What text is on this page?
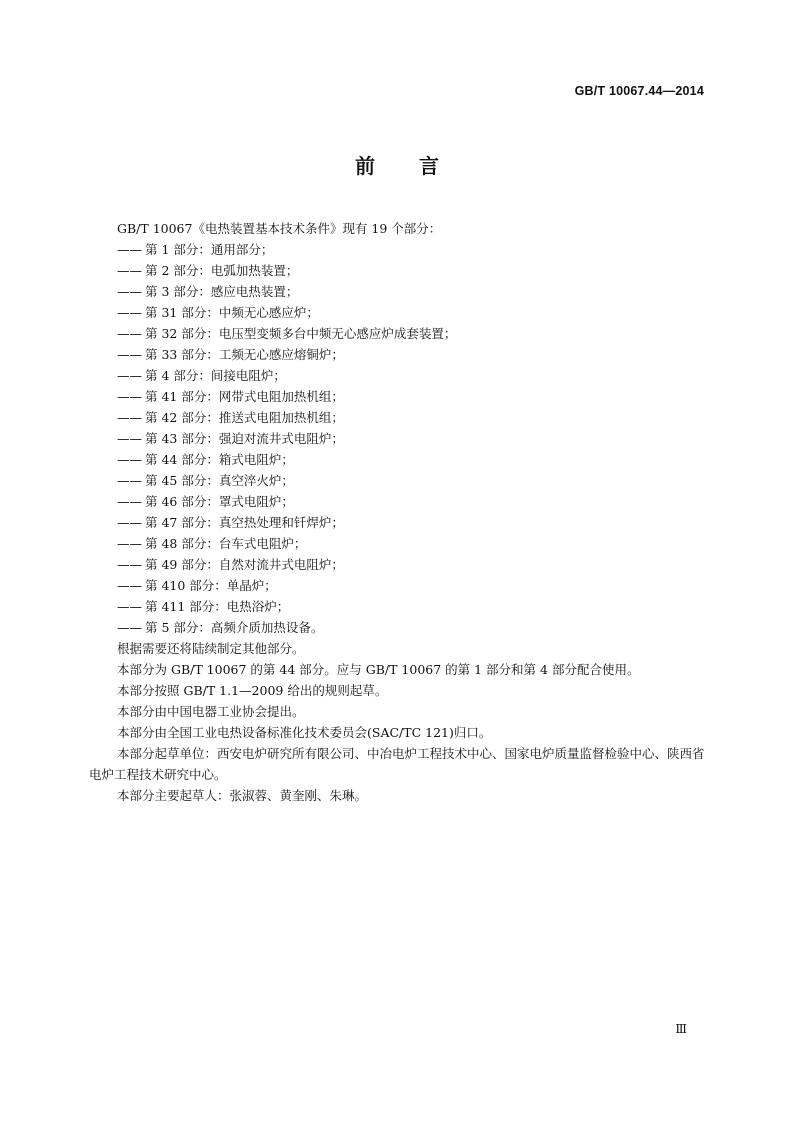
GB/T 10067.44—2014
前 言

GB/T 10067《电热装置基本技术条件》现有 19 个部分：

—— 第 1 部分：通用部分；

—— 第 2 部分：电弧加热装置；

—— 第 3 部分：感应电热装置；

—— 第 31 部分：中频无心感应炉；

—— 第 32 部分：电压型变频多台中频无心感应炉成套装置；

—— 第 33 部分：工频无心感应熔铜炉；

—— 第 4 部分：间接电阻炉；

—— 第 41 部分：网带式电阻加热机组；

—— 第 42 部分：推送式电阻加热机组；

—— 第 43 部分：强迫对流井式电阻炉；

—— 第 44 部分：箱式电阻炉；

—— 第 45 部分：真空淬火炉；

—— 第 46 部分：罩式电阻炉；

—— 第 47 部分：真空热处理和钎焊炉；

—— 第 48 部分：台车式电阻炉；

—— 第 49 部分：自然对流井式电阻炉；

—— 第 410 部分：单晶炉；

—— 第 411 部分：电热浴炉；

—— 第 5 部分：高频介质加热设备。

根据需要还将陆续制定其他部分。

本部分为 GB/T 10067 的第 44 部分。应与 GB/T 10067 的第 1 部分和第 4 部分配合使用。

本部分按照 GB/T 1.1—2009 给出的规则起草。

本部分由中国电器工业协会提出。

本部分由全国工业电热设备标准化技术委员会(SAC/TC 121)归口。

本部分起草单位：西安电炉研究所有限公司、中冶电炉工程技术中心、国家电炉质量监督检验中心、陕西省电炉工程技术研究中心。

本部分主要起草人：张淑蓉、黄奎刚、朱琳。

Ⅲ
